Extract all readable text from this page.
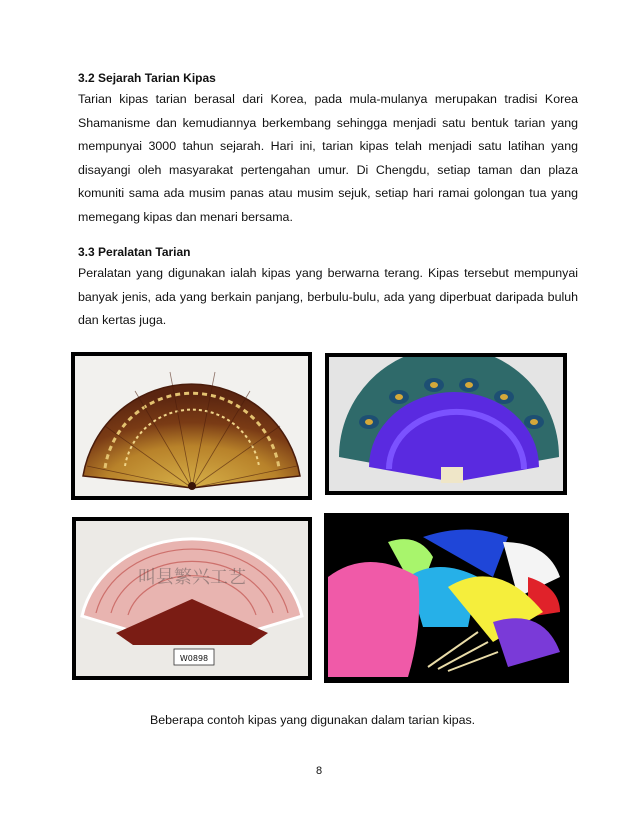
3.2 Sejarah Tarian Kipas

Tarian kipas tarian berasal dari Korea, pada mula-mulanya merupakan tradisi Korea Shamanisme dan kemudiannya berkembang sehingga menjadi satu bentuk tarian yang mempunyai 3000 tahun sejarah. Hari ini, tarian kipas telah menjadi satu latihan yang disayangi oleh masyarakat pertengahan umur. Di Chengdu, setiap taman dan plaza komuniti sama ada musim panas atau musim sejuk, setiap hari ramai golongan tua yang memegang kipas dan menari bersama.

3.3 Peralatan Tarian

Peralatan yang digunakan ialah kipas yang berwarna terang. Kipas tersebut mempunyai banyak jenis, ada yang berkain panjang, berbulu-bulu, ada yang diperbuat daripada buluh dan kertas juga.

W0898
叫县繁兴工艺

Beberapa contoh kipas yang digunakan dalam tarian kipas.

8
